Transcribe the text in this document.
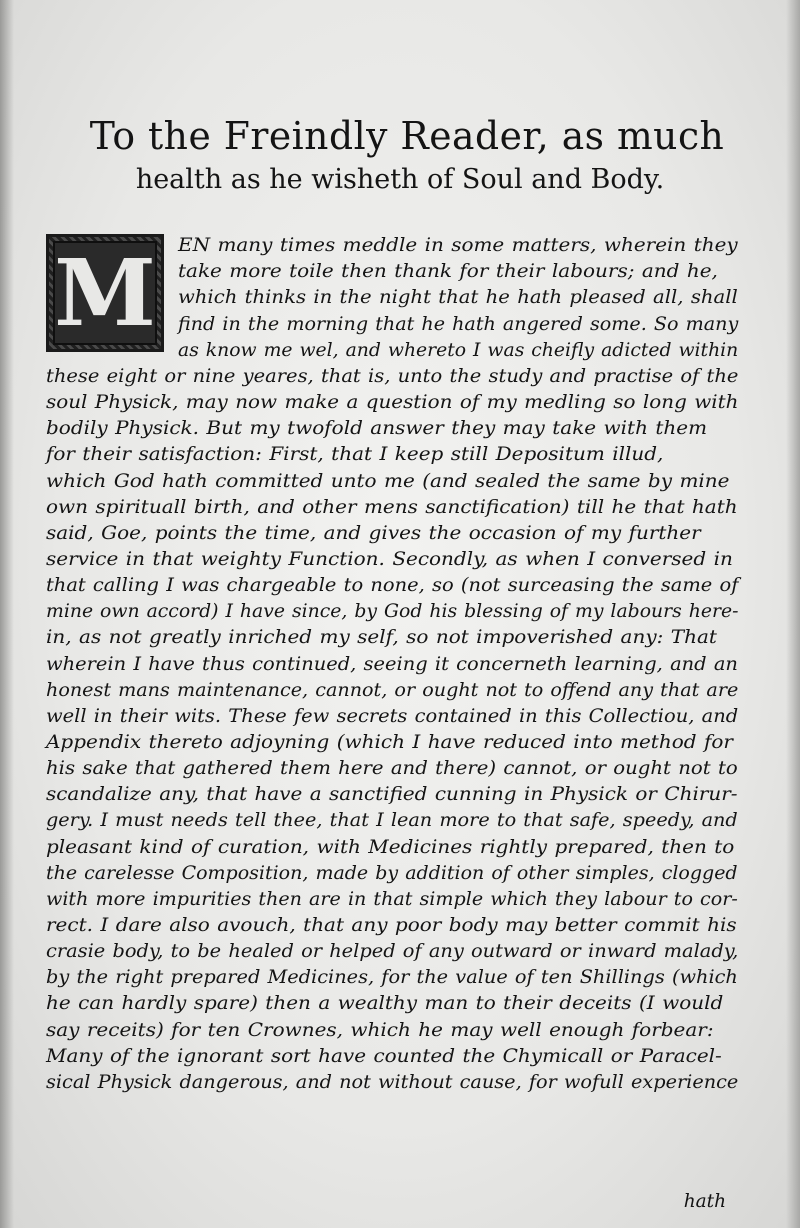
To the Freindly Reader, as much
health as he wisheth of Soul and Body.
M EN many times meddle in some matters, wherein they
take more toile then thank for their labours; and he,
which thinks in the night that he hath pleased all, shall
find in the morning that he hath angered some. So many
as know me wel, and whereto I was cheifly adicted within
these eight or nine yeares, that is, unto the study and practise of the
soul Physick, may now make a question of my medling so long with
bodily Physick. But my twofold answer they may take with them
for their satisfaction: First, that I keep still Depositum illud,
which God hath committed unto me (and sealed the same by mine
own spirituall birth, and other mens sanctification) till he that hath
said, Goe, points the time, and gives the occasion of my further
service in that weighty Function. Secondly, as when I conversed in
that calling I was chargeable to none, so (not surceasing the same of
mine own accord) I have since, by God his blessing of my labours here-
in, as not greatly inriched my self, so not impoverished any: That
wherein I have thus continued, seeing it concerneth learning, and an
honest mans maintenance, cannot, or ought not to offend any that are
well in their wits. These few secrets contained in this Collectiou, and
Appendix thereto adjoyning (which I have reduced into method for
his sake that gathered them here and there) cannot, or ought not to
scandalize any, that have a sanctified cunning in Physick or Chirur-
gery. I must needs tell thee, that I lean more to that safe, speedy, and
pleasant kind of curation, with Medicines rightly prepared, then to
the carelesse Composition, made by addition of other simples, clogged
with more impurities then are in that simple which they labour to cor-
rect. I dare also avouch, that any poor body may better commit his
crasie body, to be healed or helped of any outward or inward malady,
by the right prepared Medicines, for the value of ten Shillings (which
he can hardly spare) then a wealthy man to their deceits (I would
say receits) for ten Crownes, which he may well enough forbear:
Many of the ignorant sort have counted the Chymicall or Paracel-
sical Physick dangerous, and not without cause, for wofull experience
hath
